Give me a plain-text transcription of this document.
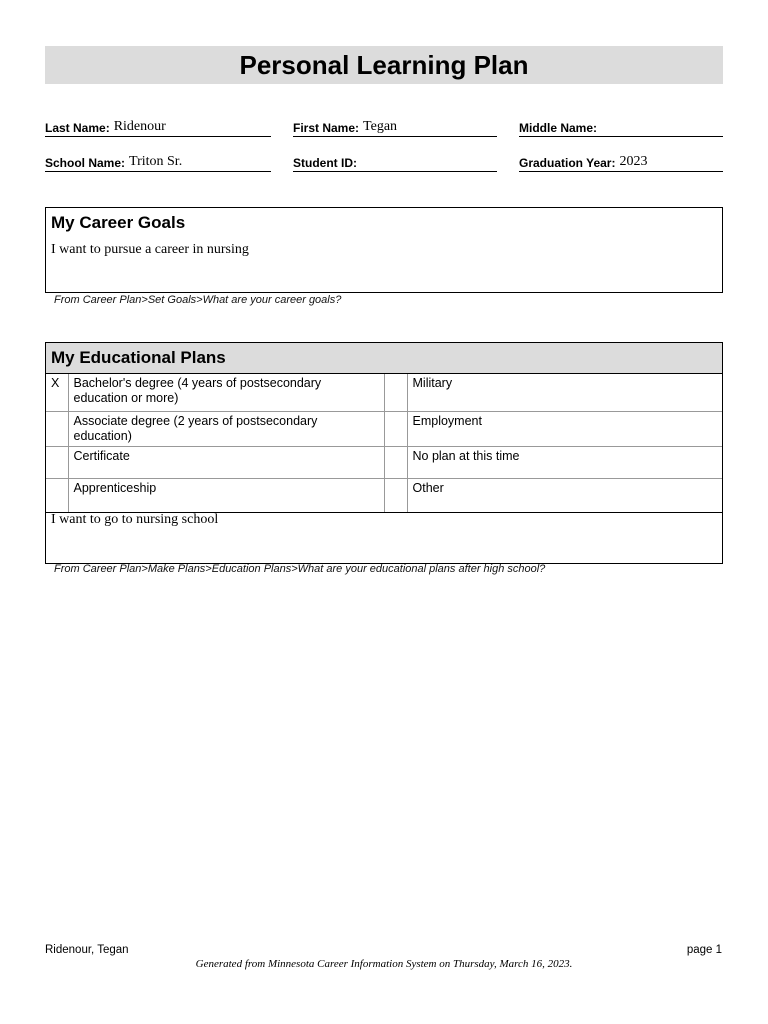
Personal Learning Plan
Last Name: Ridenour	First Name: Tegan	Middle Name:
School Name: Triton Sr.	Student ID:	Graduation Year: 2023
My Career Goals
I want to pursue a career in nursing
From Career Plan>Set Goals>What are your career goals?
My Educational Plans
X	Bachelor's degree (4 years of postsecondary education or more)		Military
	Associate degree (2 years of postsecondary education)		Employment
	Certificate		No plan at this time
	Apprenticeship		Other
I want to go to nursing school
From Career Plan>Make Plans>Education Plans>What are your educational plans after high school?
Ridenour, Tegan	page 1
Generated from Minnesota Career Information System on Thursday, March 16, 2023.
